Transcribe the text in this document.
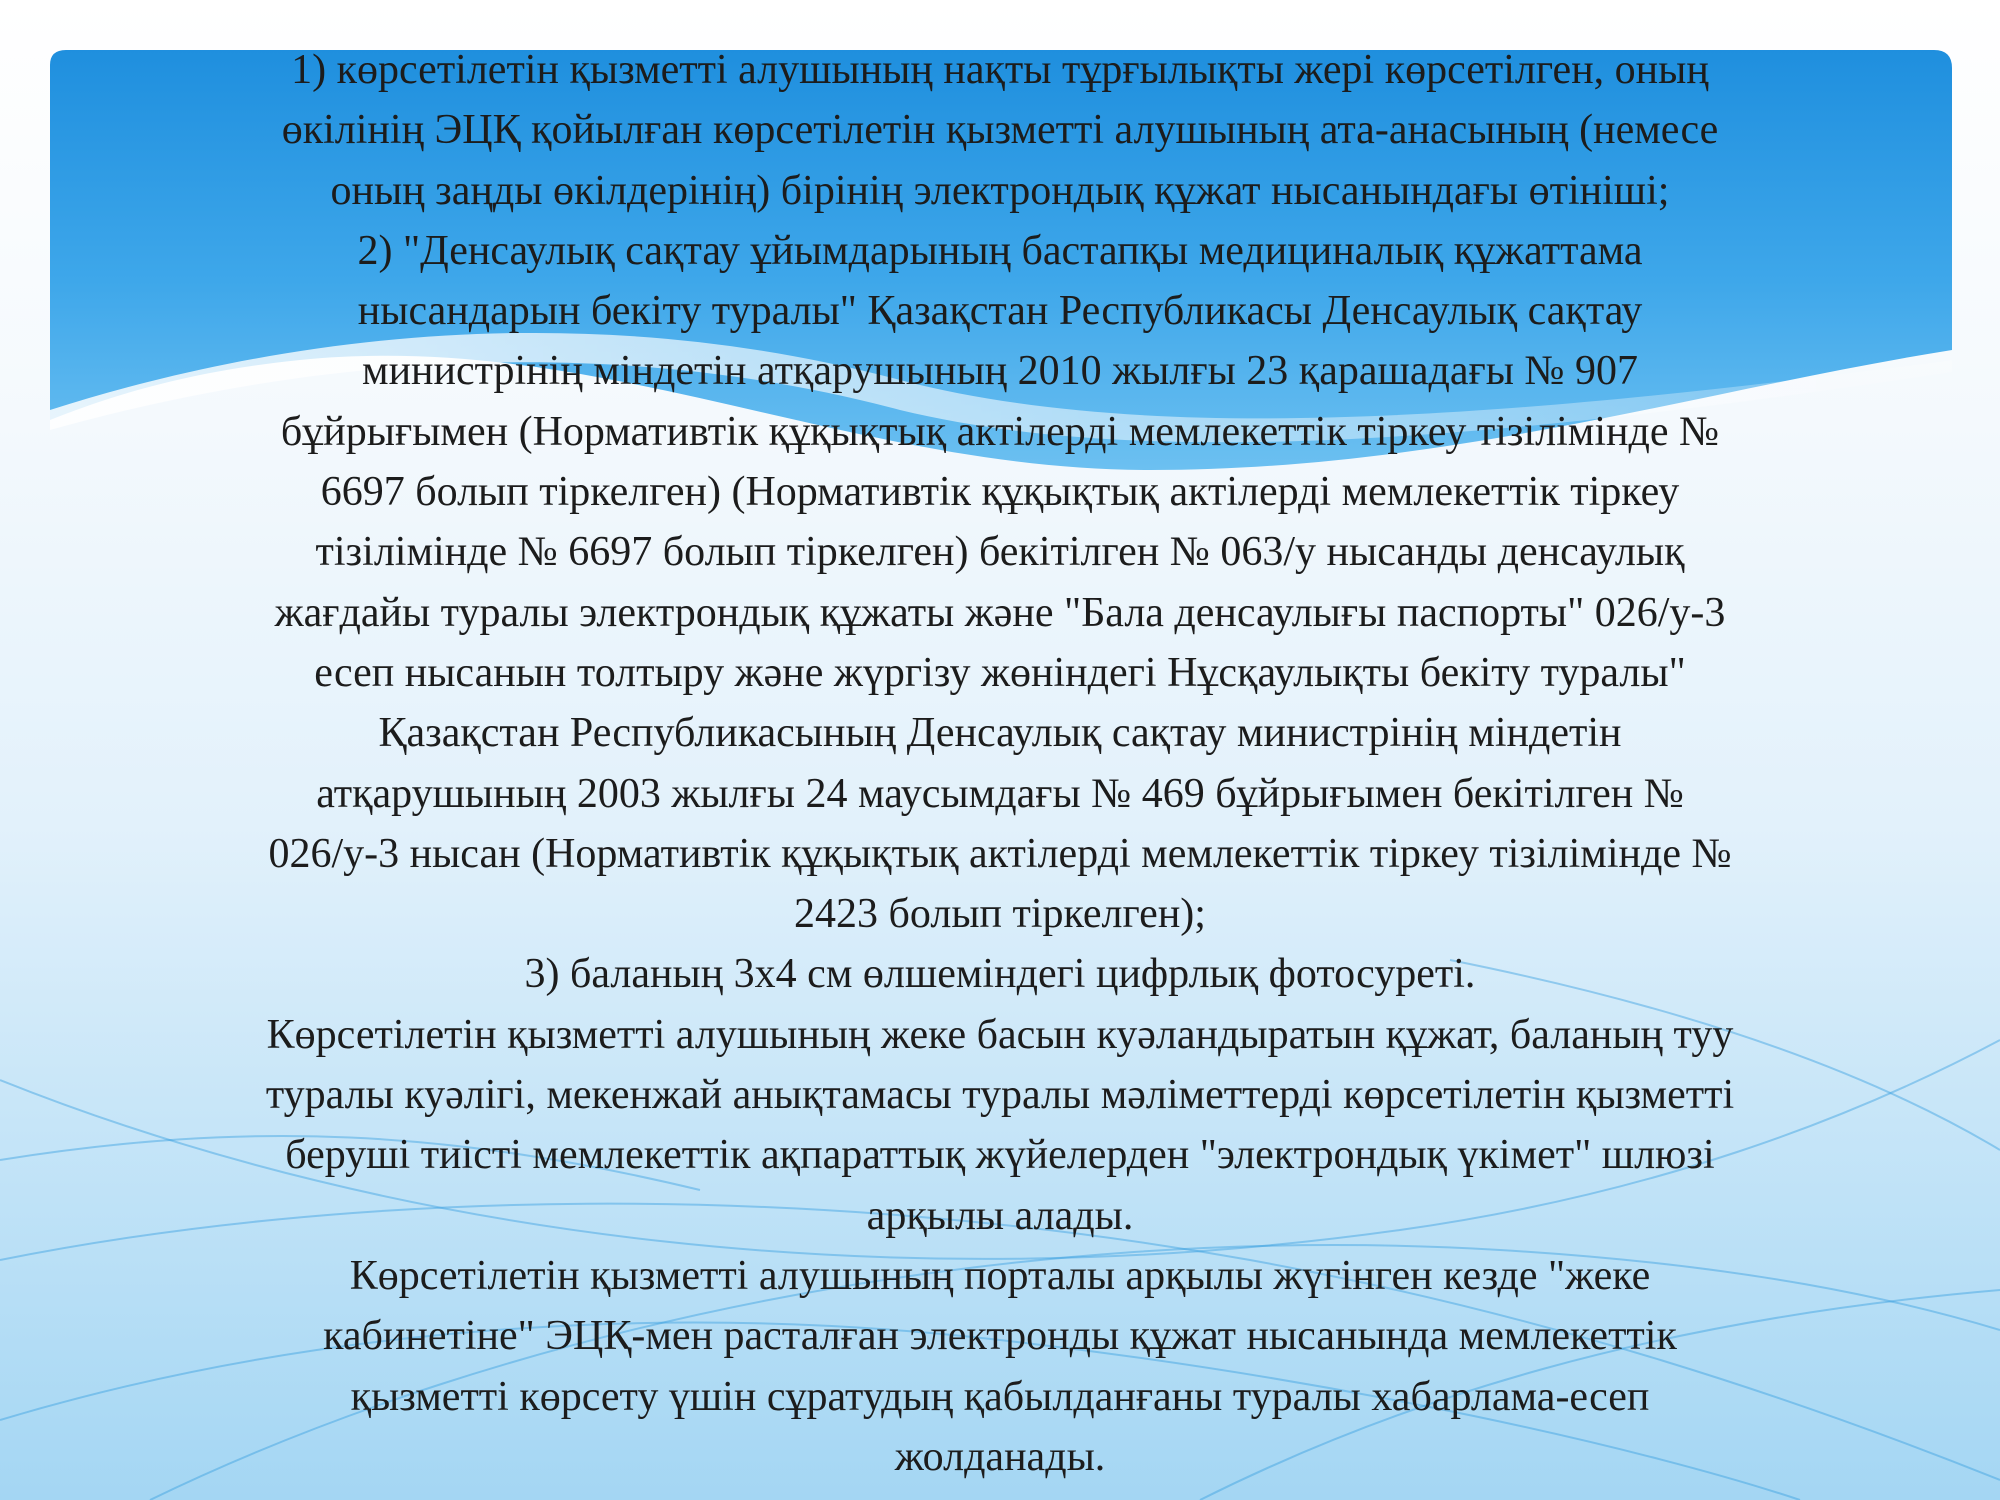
1) көрсетілетін қызметті алушының нақты тұрғылықты жері көрсетілген, оның
өкілінің ЭЦҚ қойылған көрсетілетін қызметті алушының ата-анасының (немесе
оның заңды өкілдерінің) бірінің электрондық құжат нысанындағы өтініші;
2) "Денсаулық сақтау ұйымдарының бастапқы медициналық құжаттама
нысандарын бекіту туралы" Қазақстан Республикасы Денсаулық сақтау
министрінің міндетін атқарушының 2010 жылғы 23 қарашадағы № 907
бұйрығымен (Нормативтік құқықтық актілерді мемлекеттік тіркеу тізілімінде №
6697 болып тіркелген) (Нормативтік құқықтық актілерді мемлекеттік тіркеу
тізілімінде № 6697 болып тіркелген) бекітілген № 063/у нысанды денсаулық
жағдайы туралы электрондық құжаты және "Бала денсаулығы паспорты" 026/у-3
есеп нысанын толтыру және жүргізу жөніндегі Нұсқаулықты бекіту туралы"
Қазақстан Республикасының Денсаулық сақтау министрінің міндетін
атқарушының 2003 жылғы 24 маусымдағы № 469 бұйрығымен бекітілген №
026/у-3 нысан (Нормативтік құқықтық актілерді мемлекеттік тіркеу тізілімінде №
2423 болып тіркелген);
3) баланың 3х4 см өлшеміндегі цифрлық фотосуреті.
Көрсетілетін қызметті алушының жеке басын куәландыратын құжат, баланың туу
туралы куәлігі, мекенжай анықтамасы туралы мәліметтерді көрсетілетін қызметті
беруші тиісті мемлекеттік ақпараттық жүйелерден "электрондық үкімет" шлюзі
арқылы алады.
Көрсетілетін қызметті алушының порталы арқылы жүгінген кезде "жеке
кабинетіне" ЭЦҚ-мен расталған электронды құжат нысанында мемлекеттік
қызметті көрсету үшін сұратудың қабылданғаны туралы хабарлама-есеп
жолданады.
